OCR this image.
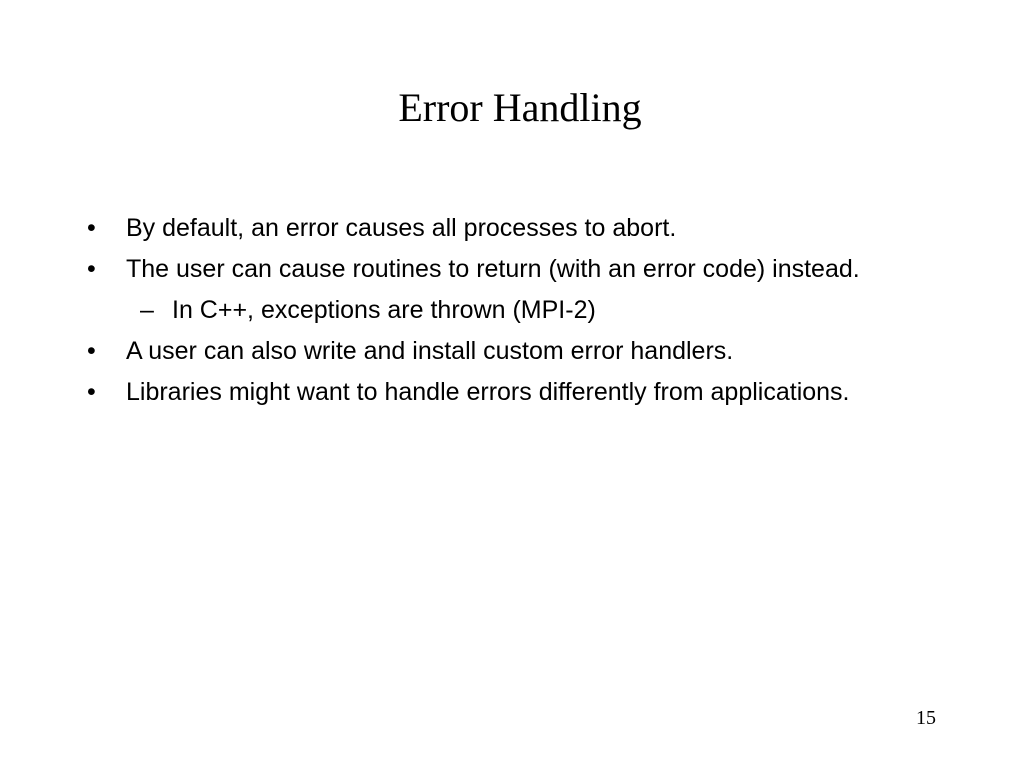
Error Handling
• By default, an error causes all processes to abort.
• The user can cause routines to return (with an error code) instead.
– In C++, exceptions are thrown (MPI-2)
• A user can also write and install custom error handlers.
• Libraries might want to handle errors differently from applications.
15
